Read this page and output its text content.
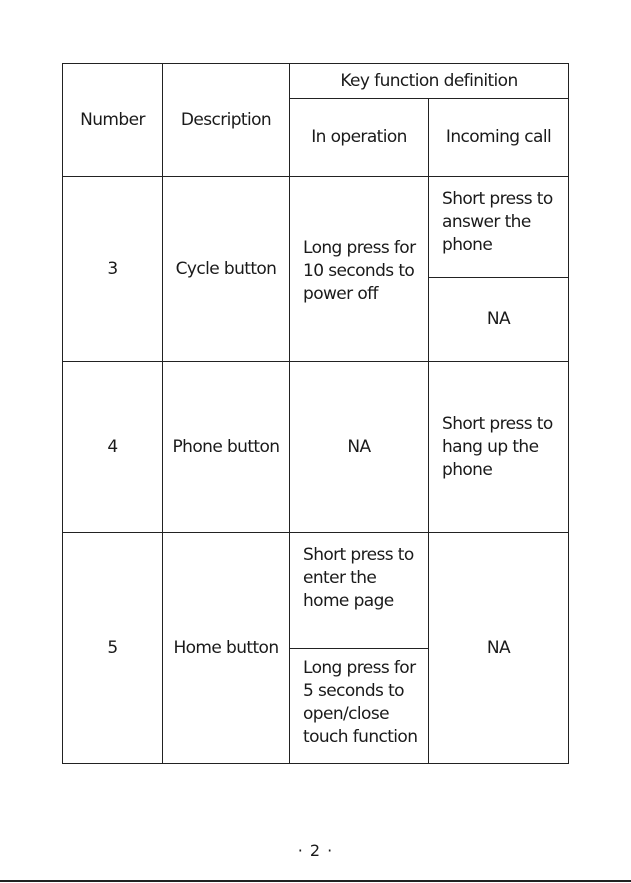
Number	Description	Key function definition	
		In operation	Incoming call
3	Cycle button	Long press for 10 seconds to power off	Short press to answer the phone
			NA
4	Phone button	NA	Short press to hang up the phone
5	Home button	Short press to enter the home page	NA
		Long press for 5 seconds to open/close touch function	
· 2 ·
